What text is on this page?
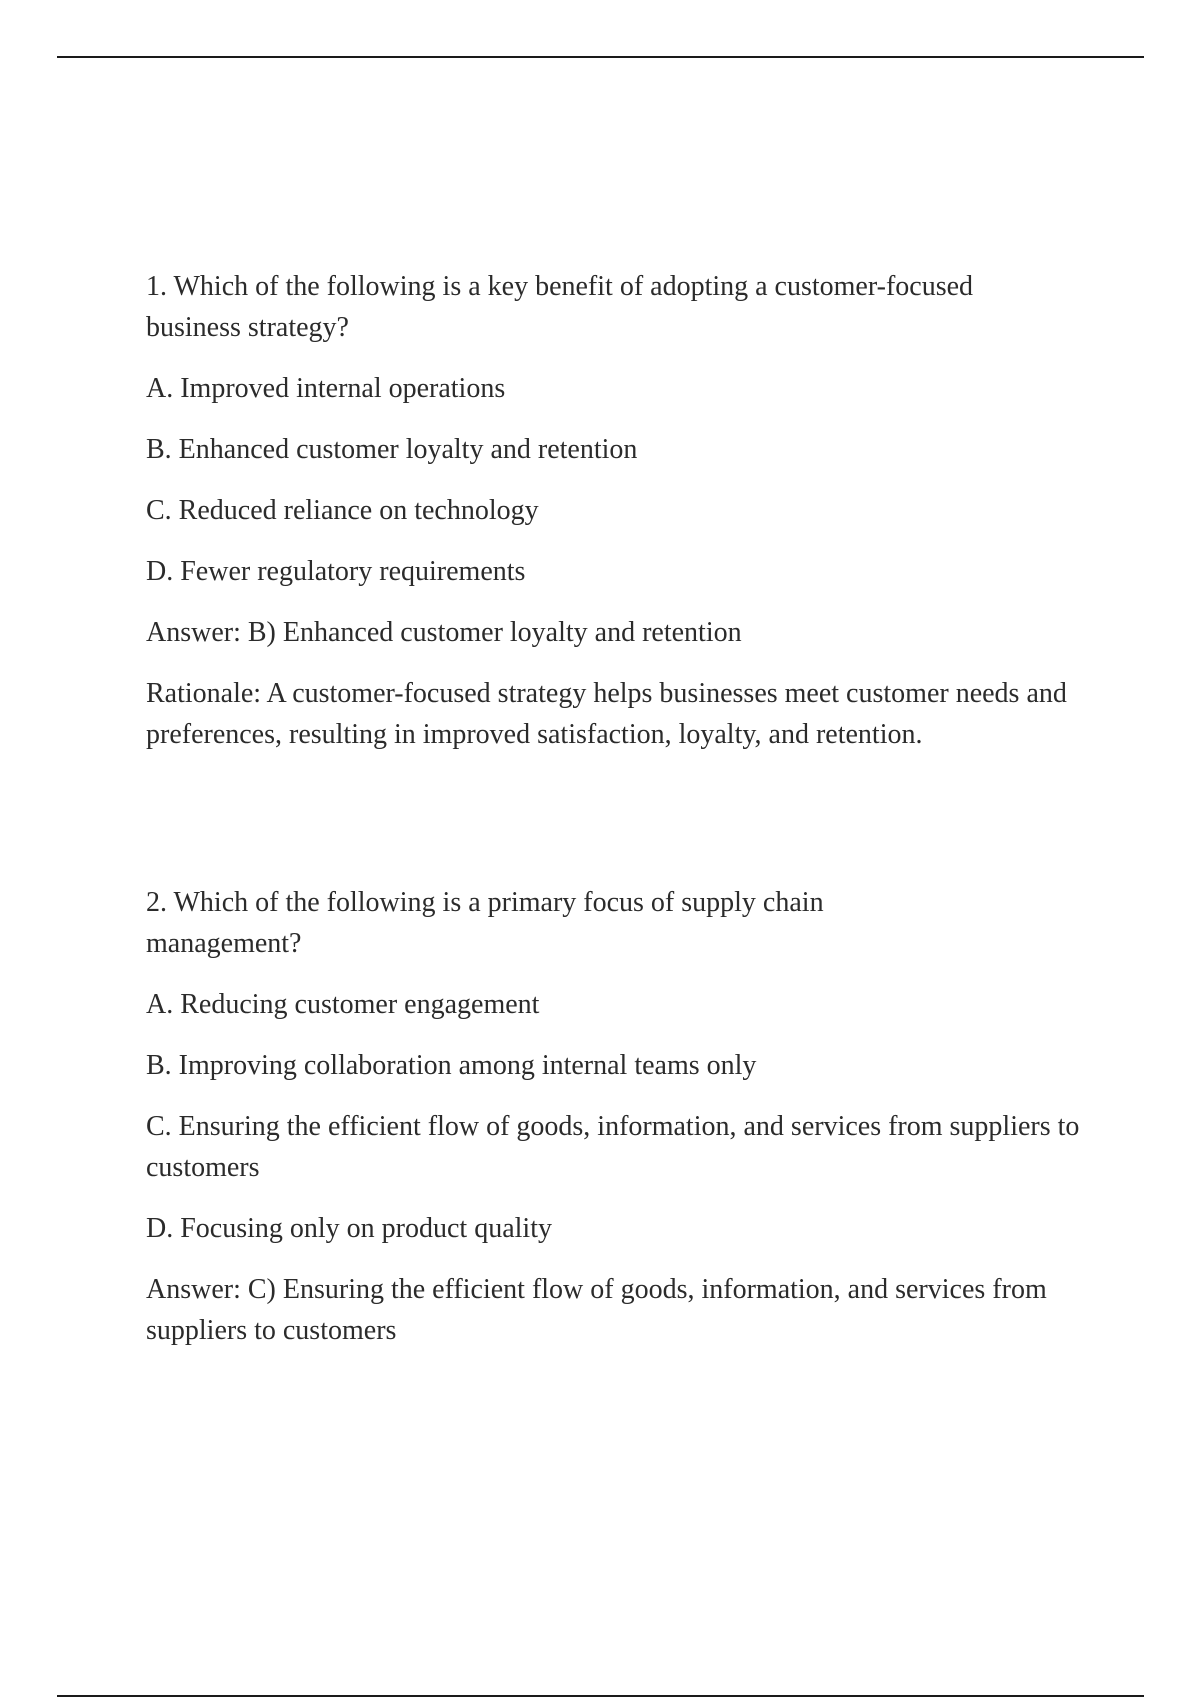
1. Which of the following is a key benefit of adopting a customer-focused business strategy?

A. Improved internal operations

B. Enhanced customer loyalty and retention

C. Reduced reliance on technology

D. Fewer regulatory requirements

Answer: B) Enhanced customer loyalty and retention

Rationale: A customer-focused strategy helps businesses meet customer needs and preferences, resulting in improved satisfaction, loyalty, and retention.

2. Which of the following is a primary focus of supply chain management?

A. Reducing customer engagement

B. Improving collaboration among internal teams only

C. Ensuring the efficient flow of goods, information, and services from suppliers to customers

D. Focusing only on product quality

Answer: C) Ensuring the efficient flow of goods, information, and services from suppliers to customers
